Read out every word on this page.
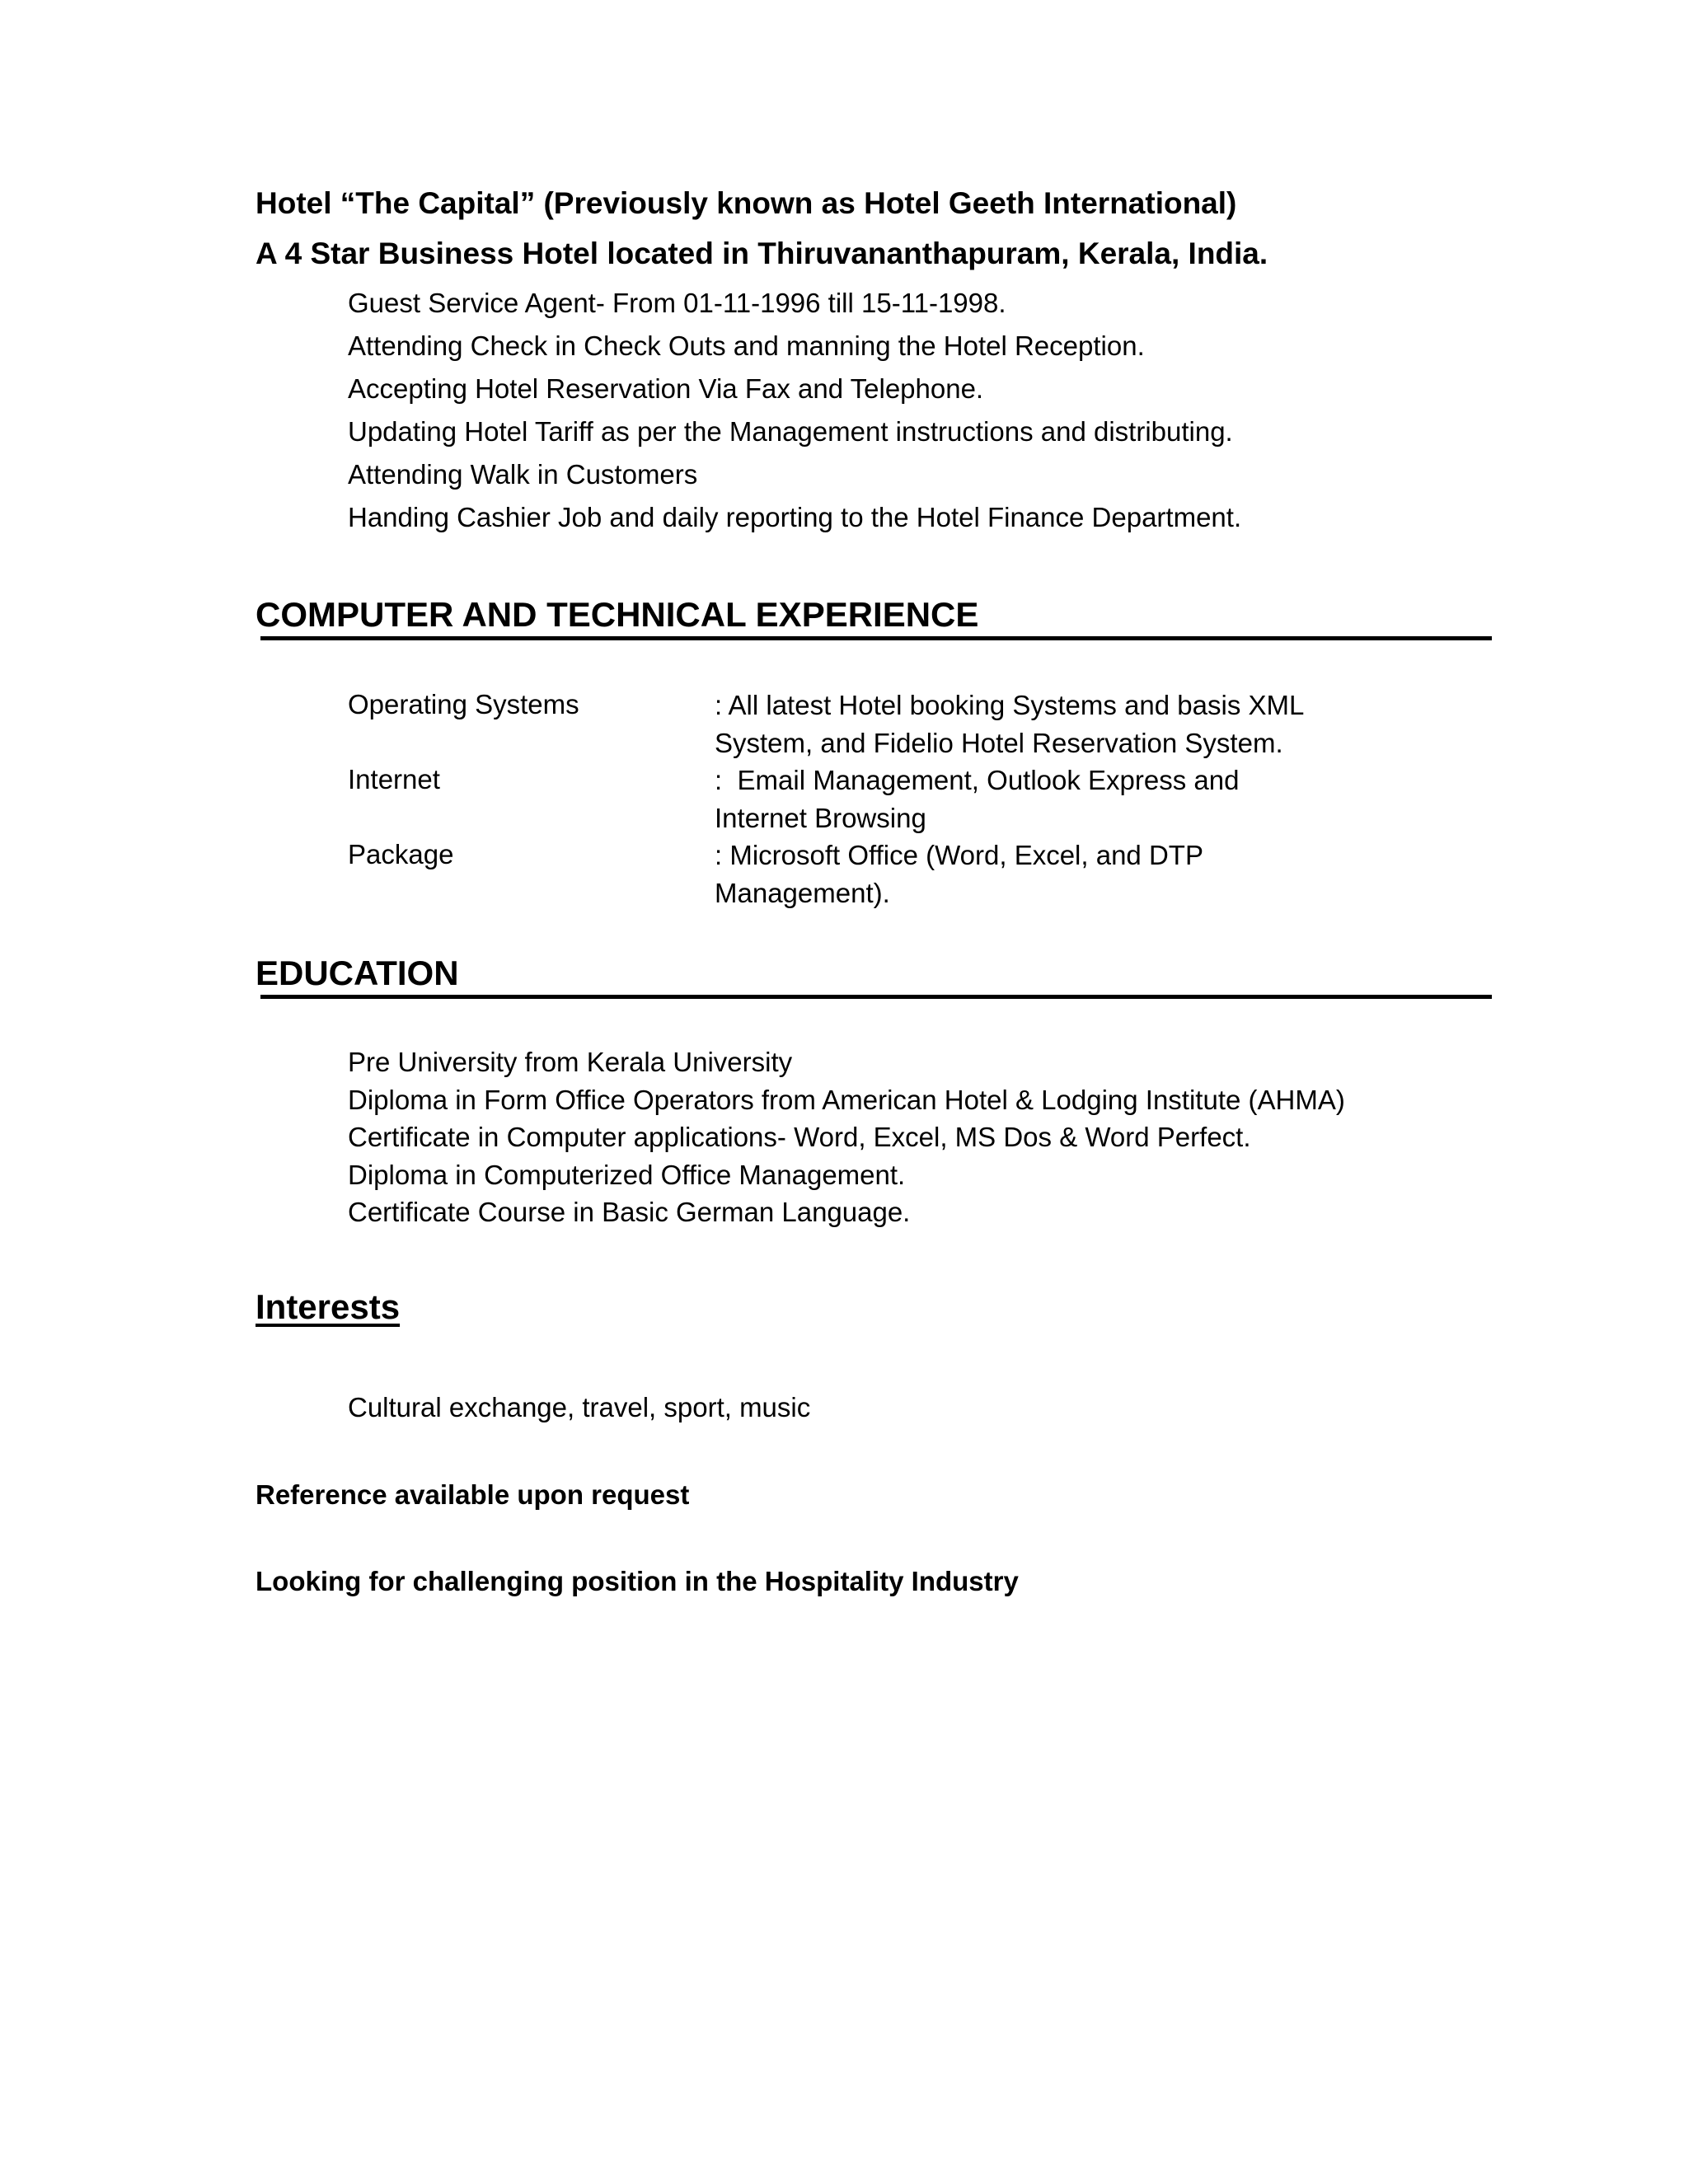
Hotel “The Capital” (Previously known as Hotel Geeth International)
A 4 Star Business Hotel located in Thiruvananthapuram, Kerala, India.
Guest Service Agent- From 01-11-1996 till 15-11-1998.
Attending Check in Check Outs and manning the Hotel Reception.
Accepting Hotel Reservation Via Fax and Telephone.
Updating Hotel Tariff as per the Management instructions and distributing.
Attending Walk in Customers
Handing Cashier Job and daily reporting to the Hotel Finance Department.
COMPUTER AND TECHNICAL EXPERIENCE
Operating Systems	: All latest Hotel booking Systems and basis XML
System, and Fidelio Hotel Reservation System.
Internet	:  Email Management, Outlook Express and
Internet Browsing
Package	: Microsoft Office (Word, Excel, and DTP
Management).
EDUCATION
Pre University from Kerala University
Diploma in Form Office Operators from American Hotel & Lodging Institute (AHMA)
Certificate in Computer applications- Word, Excel, MS Dos & Word Perfect.
Diploma in Computerized Office Management.
Certificate Course in Basic German Language.
Interests
Cultural exchange, travel, sport, music
Reference available upon request
Looking for challenging position in the Hospitality Industry
